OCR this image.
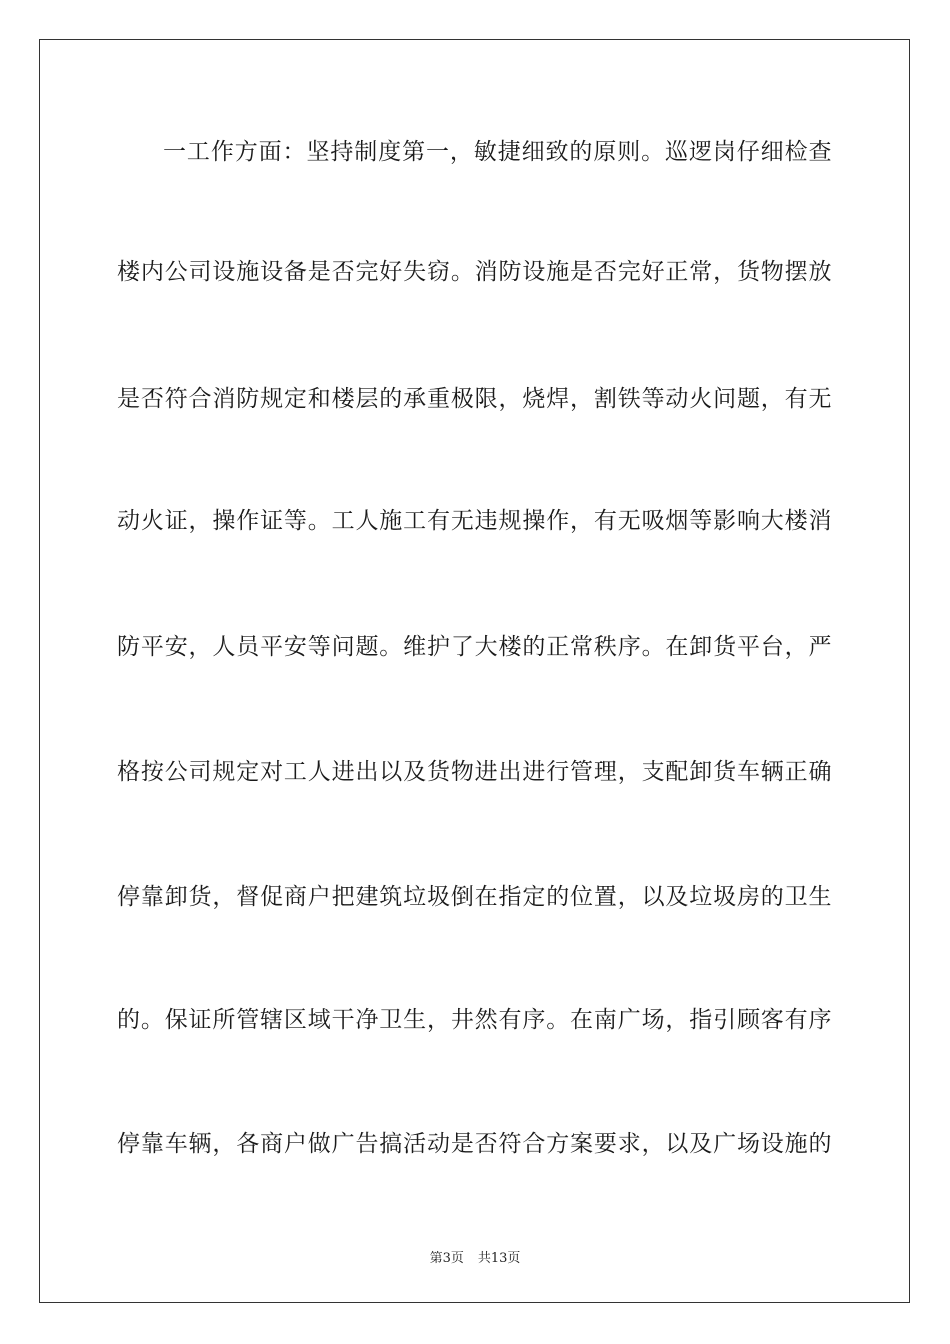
一工作方面：坚持制度第一，敏捷细致的原则。巡逻岗仔细检查
楼内公司设施设备是否完好失窃。消防设施是否完好正常，货物摆放
是否符合消防规定和楼层的承重极限，烧焊，割铁等动火问题，有无
动火证，操作证等。工人施工有无违规操作，有无吸烟等影响大楼消
防平安，人员平安等问题。维护了大楼的正常秩序。在卸货平台，严
格按公司规定对工人进出以及货物进出进行管理，支配卸货车辆正确
停靠卸货，督促商户把建筑垃圾倒在指定的位置，以及垃圾房的卫生
的。保证所管辖区域干净卫生，井然有序。在南广场，指引顾客有序
停靠车辆，各商户做广告搞活动是否符合方案要求，以及广场设施的
第3页 共13页
